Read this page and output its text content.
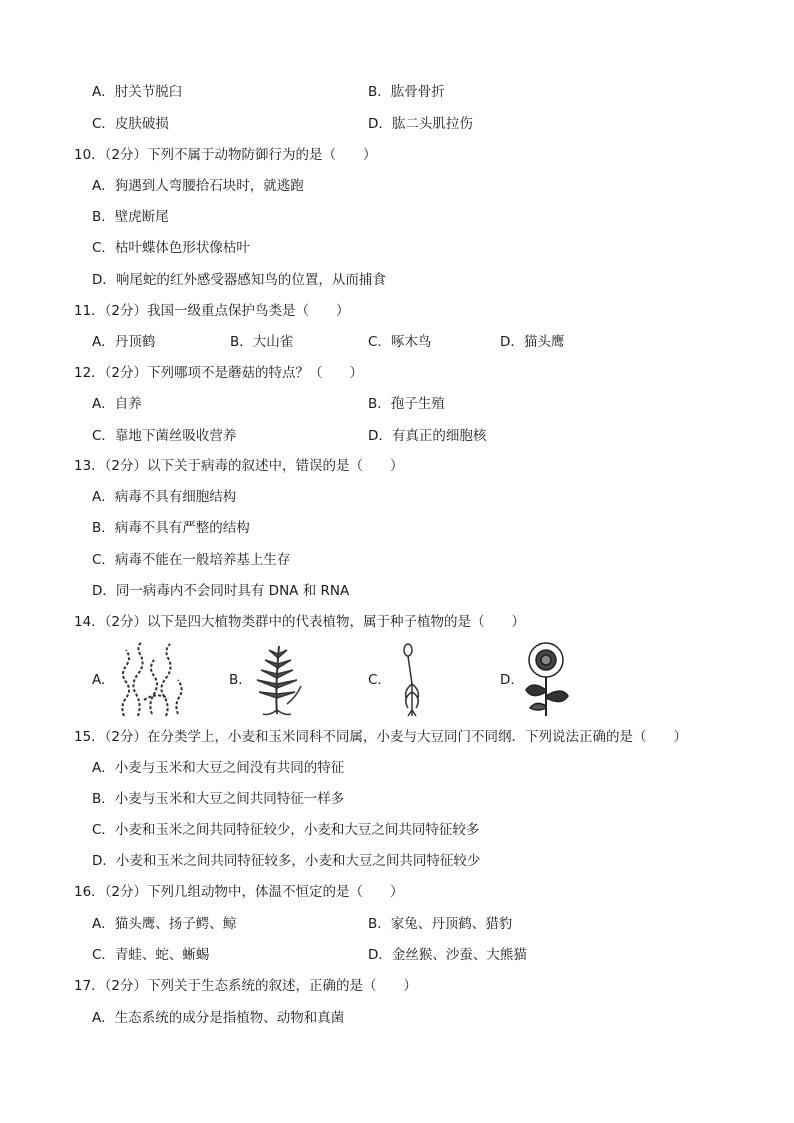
A．肘关节脱臼	B．肱骨骨折
C．皮肤破损	D．肱二头肌拉伤
10．（2分）下列不属于动物防御行为的是（　　）
A．狗遇到人弯腰拾石块时，就逃跑
B．壁虎断尾
C．枯叶蝶体色形状像枯叶
D．响尾蛇的红外感受器感知鸟的位置，从而捕食
11．（2分）我国一级重点保护鸟类是（　　）
A．丹顶鹤	B．大山雀	C．啄木鸟	D．猫头鹰
12．（2分）下列哪项不是蘑菇的特点？（　　）
A．自养	B．孢子生殖
C．靠地下菌丝吸收营养	D．有真正的细胞核
13．（2分）以下关于病毒的叙述中，错误的是（　　）
A．病毒不具有细胞结构
B．病毒不具有严整的结构
C．病毒不能在一般培养基上生存
D．同一病毒内不会同时具有 DNA 和 RNA
14．（2分）以下是四大植物类群中的代表植物，属于种子植物的是（　　）
A.	B.	C.	D.
15．（2分）在分类学上，小麦和玉米同科不同属，小麦与大豆同门不同纲．下列说法正确的是（　　）
A．小麦与玉米和大豆之间没有共同的特征
B．小麦与玉米和大豆之间共同特征一样多
C．小麦和玉米之间共同特征较少，小麦和大豆之间共同特征较多
D．小麦和玉米之间共同特征较多，小麦和大豆之间共同特征较少
16．（2分）下列几组动物中，体温不恒定的是（　　）
A．猫头鹰、扬子鳄、鲸	B．家兔、丹顶鹤、猎豹
C．青蛙、蛇、蜥蜴	D．金丝猴、沙蚕、大熊猫
17．（2分）下列关于生态系统的叙述，正确的是（　　）
A．生态系统的成分是指植物、动物和真菌
